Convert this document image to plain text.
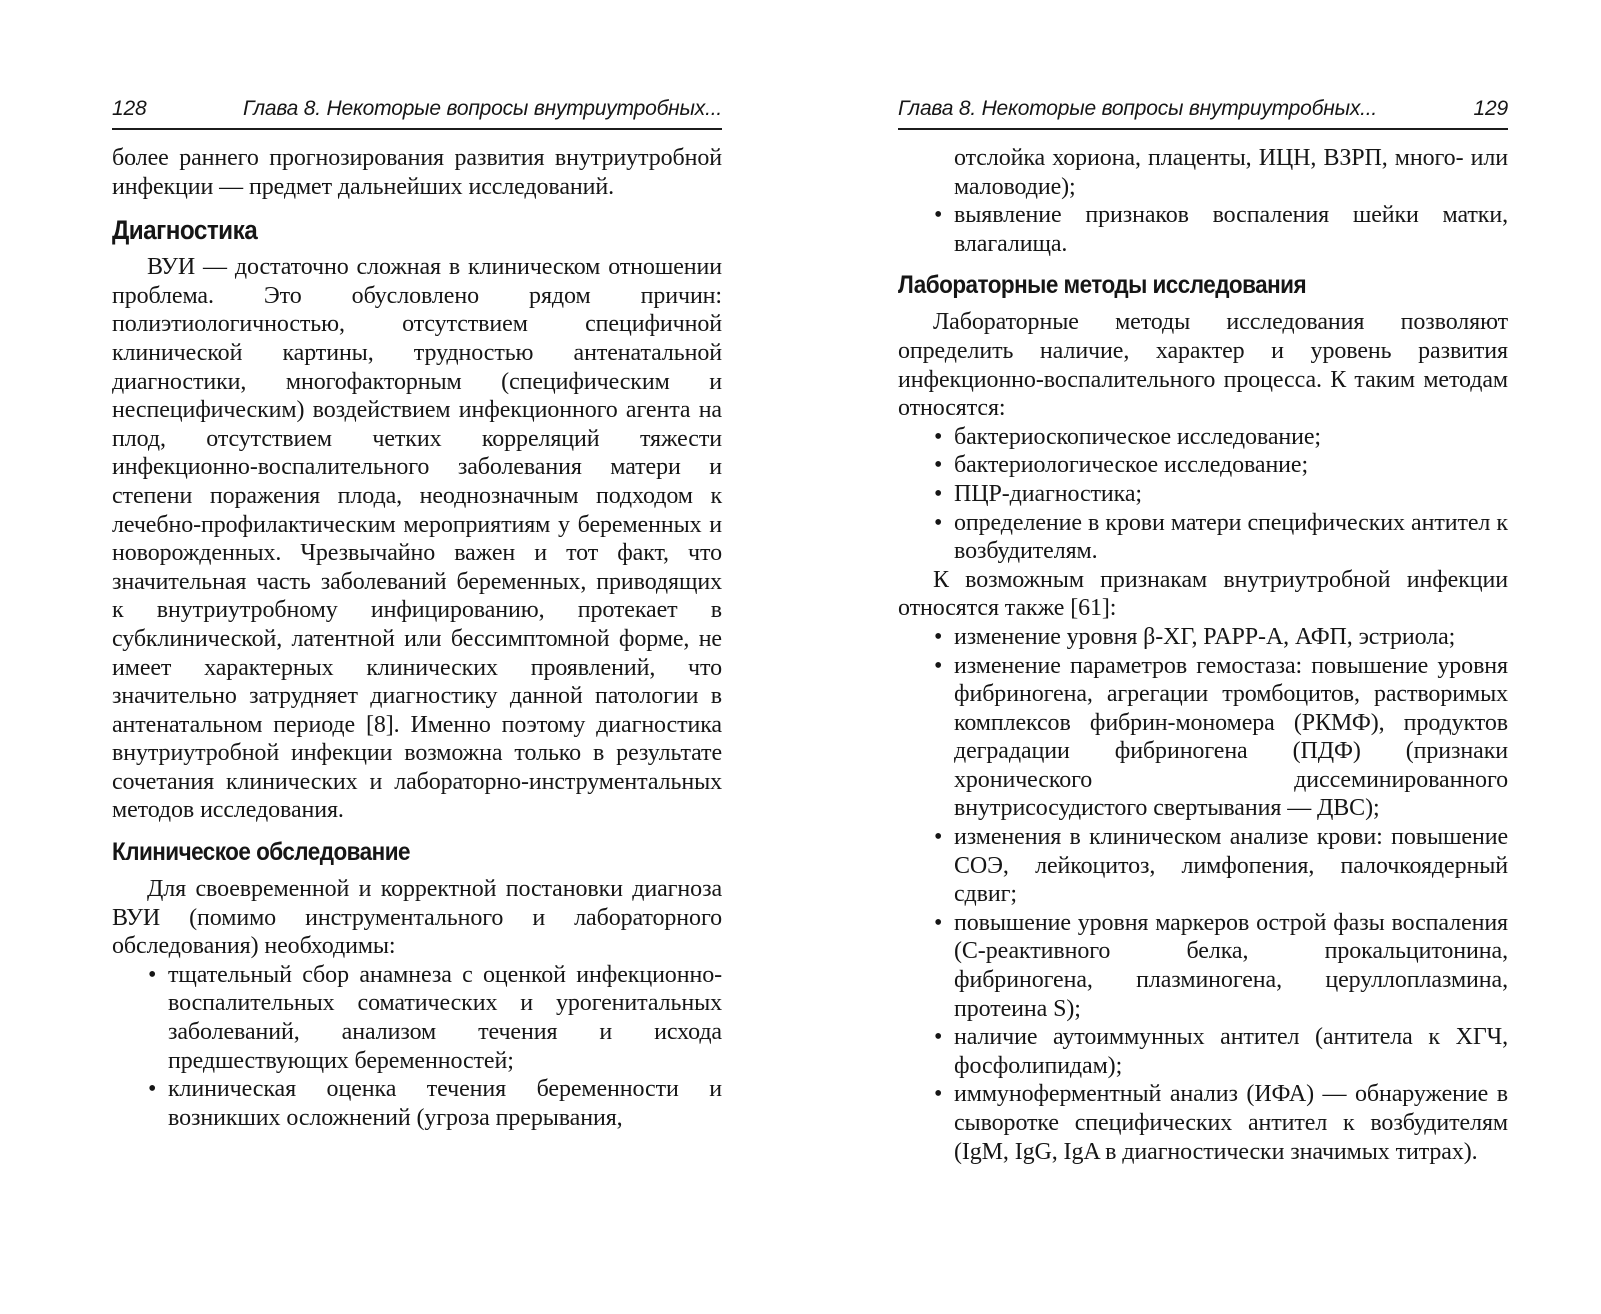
128	Глава 8. Некоторые вопросы внутриутробных...

более раннего прогнозирования развития внутриутробной инфекции — предмет дальнейших исследований.

Диагностика

ВУИ — достаточно сложная в клиническом отношении проблема. Это обусловлено рядом причин: полиэтиологичностью, отсутствием специфичной клинической картины, трудностью антенатальной диагностики, многофакторным (специфическим и неспецифическим) воздействием инфекционного агента на плод, отсутствием четких корреляций тяжести инфекционно-воспалительного заболевания матери и степени поражения плода, неоднозначным подходом к лечебно-профилактическим мероприятиям у беременных и новорожденных. Чрезвычайно важен и тот факт, что значительная часть заболеваний беременных, приводящих к внутриутробному инфицированию, протекает в субклинической, латентной или бессимптомной форме, не имеет характерных клинических проявлений, что значительно затрудняет диагностику данной патологии в антенатальном периоде [8]. Именно поэтому диагностика внутриутробной инфекции возможна только в результате сочетания клинических и лабораторно-инструментальных методов исследования.

Клиническое обследование

Для своевременной и корректной постановки диагноза ВУИ (помимо инструментального и лабораторного обследования) необходимы:

• тщательный сбор анамнеза с оценкой инфекционно-воспалительных соматических и урогенитальных заболеваний, анализом течения и исхода предшествующих беременностей;
• клиническая оценка течения беременности и возникших осложнений (угроза прерывания,
Глава 8. Некоторые вопросы внутриутробных...	129

отслойка хориона, плаценты, ИЦН, ВЗРП, много- или маловодие);

• выявление признаков воспаления шейки матки, влагалища.
Лабораторные методы исследования

Лабораторные методы исследования позволяют определить наличие, характер и уровень развития инфекционно-воспалительного процесса. К таким методам относятся:

• бактериоскопическое исследование;
• бактериологическое исследование;
• ПЦР-диагностика;
• определение в крови матери специфических антител к возбудителям.

К возможным признакам внутриутробной инфекции относятся также [61]:

• изменение уровня β-ХГ, PAPP-A, АФП, эстриола;
• изменение параметров гемостаза: повышение уровня фибриногена, агрегации тромбоцитов, растворимых комплексов фибрин-мономера (РКМФ), продуктов деградации фибриногена (ПДФ) (признаки хронического диссеминированного внутрисосудистого свертывания — ДВС);
• изменения в клиническом анализе крови: повышение СОЭ, лейкоцитоз, лимфопения, палочкоядерный сдвиг;
• повышение уровня маркеров острой фазы воспаления (С-реактивного белка, прокальцитонина, фибриногена, плазминогена, церуллоплазмина, протеина S);
• наличие аутоиммунных антител (антитела к ХГЧ, фосфолипидам);
• иммуноферментный анализ (ИФА) — обнаружение в сыворотке специфических антител к возбудителям (IgM, IgG, IgA в диагностически значимых титрах).
